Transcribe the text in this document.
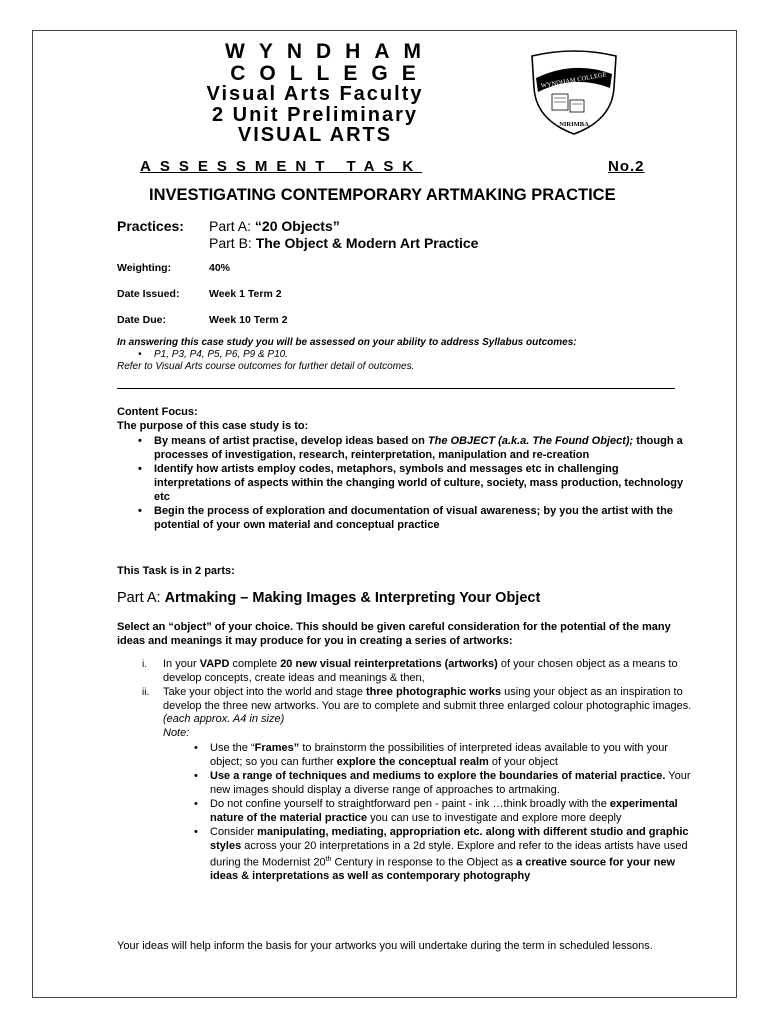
WYNDHAM
COLLEGE
Visual Arts Faculty
2 Unit Preliminary
VISUAL ARTS
WYNDHAM COLLEGE
NIRIMBA
ASSESSMENT TASK	No.2
INVESTIGATING CONTEMPORARY ARTMAKING PRACTICE
Practices: Part A: “20 Objects”
Part B: The Object & Modern Art Practice
Weighting:	40%
Date Issued:	Week 1 Term 2
Date Due:	Week 10 Term 2
In answering this case study you will be assessed on your ability to address Syllabus outcomes:
• P1, P3, P4, P5, P6, P9 & P10.
Refer to Visual Arts course outcomes for further detail of outcomes.
Content Focus:
The purpose of this case study is to:
• By means of artist practise, develop ideas based on The OBJECT (a.k.a. The Found Object); though a processes of investigation, research, reinterpretation, manipulation and re-creation
• Identify how artists employ codes, metaphors, symbols and messages etc in challenging interpretations of aspects within the changing world of culture, society, mass production, technology etc
• Begin the process of exploration and documentation of visual awareness; by you the artist with the potential of your own material and conceptual practice
This Task is in 2 parts:
Part A: Artmaking – Making Images & Interpreting Your Object
Select an “object” of your choice. This should be given careful consideration for the potential of the many ideas and meanings it may produce for you in creating a series of artworks:
i. In your VAPD complete 20 new visual reinterpretations (artworks) of your chosen object as a means to develop concepts, create ideas and meanings & then,
ii. Take your object into the world and stage three photographic works using your object as an inspiration to develop the three new artworks. You are to complete and submit three enlarged colour photographic images. (each approx. A4 in size)
Note:
• Use the “Frames” to brainstorm the possibilities of interpreted ideas available to you with your object; so you can further explore the conceptual realm of your object
• Use a range of techniques and mediums to explore the boundaries of material practice. Your new images should display a diverse range of approaches to artmaking.
• Do not confine yourself to straightforward pen - paint - ink …think broadly with the experimental nature of the material practice you can use to investigate and explore more deeply
• Consider manipulating, mediating, appropriation etc. along with different studio and graphic styles across your 20 interpretations in a 2d style. Explore and refer to the ideas artists have used during the Modernist 20th Century in response to the Object as a creative source for your new ideas & interpretations as well as contemporary photography
Your ideas will help inform the basis for your artworks you will undertake during the term in scheduled lessons.
